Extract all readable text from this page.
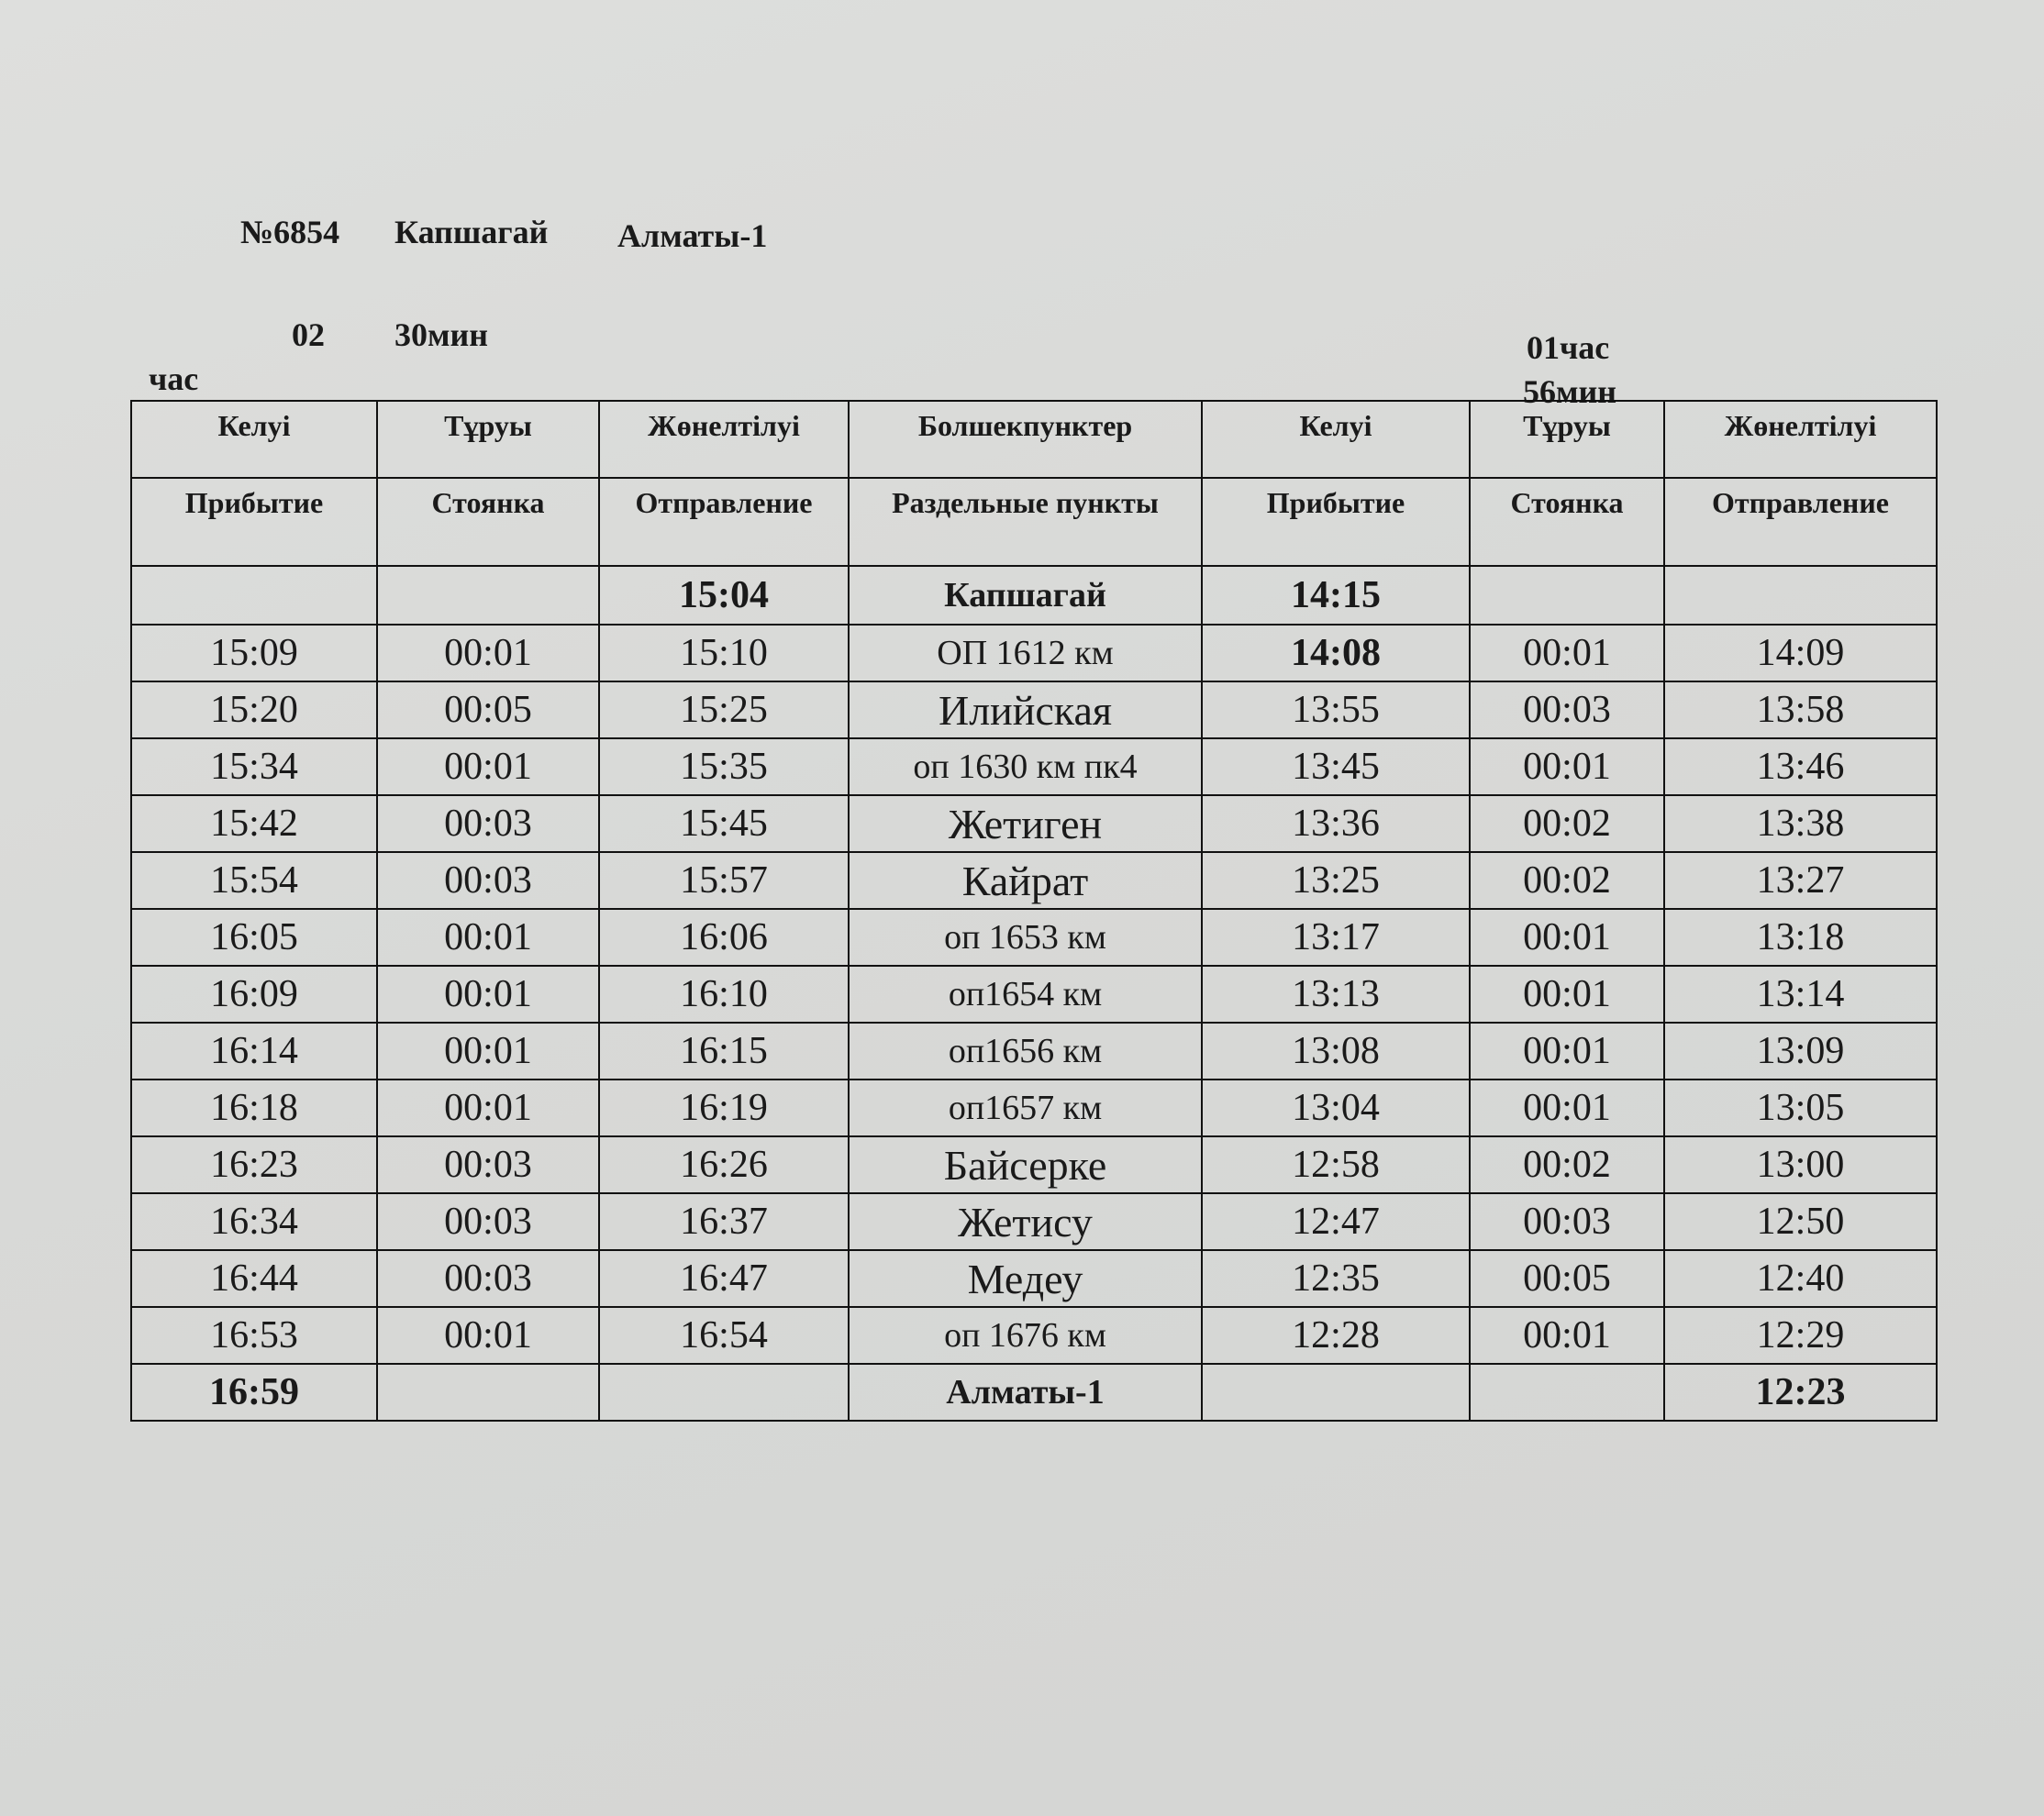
№6854 Капшагай Алматы-1
02 30мин
час
01час
56мин
Келуі	Тұруы	Жөнелтілуі	Болшекпунктер	Келуі	Тұруы	Жөнелтілуі
Прибытие	Стоянка	Отправление	Раздельные пункты	Прибытие	Стоянка	Отправление
		15:04	Капшагай	14:15		
15:09	00:01	15:10	ОП 1612 км	14:08	00:01	14:09
15:20	00:05	15:25	Илийская	13:55	00:03	13:58
15:34	00:01	15:35	оп 1630 км пк4	13:45	00:01	13:46
15:42	00:03	15:45	Жетиген	13:36	00:02	13:38
15:54	00:03	15:57	Кайрат	13:25	00:02	13:27
16:05	00:01	16:06	оп 1653 км	13:17	00:01	13:18
16:09	00:01	16:10	оп1654 км	13:13	00:01	13:14
16:14	00:01	16:15	оп1656 км	13:08	00:01	13:09
16:18	00:01	16:19	оп1657 км	13:04	00:01	13:05
16:23	00:03	16:26	Байсерке	12:58	00:02	13:00
16:34	00:03	16:37	Жетису	12:47	00:03	12:50
16:44	00:03	16:47	Медеу	12:35	00:05	12:40
16:53	00:01	16:54	оп 1676 км	12:28	00:01	12:29
16:59			Алматы-1			12:23
